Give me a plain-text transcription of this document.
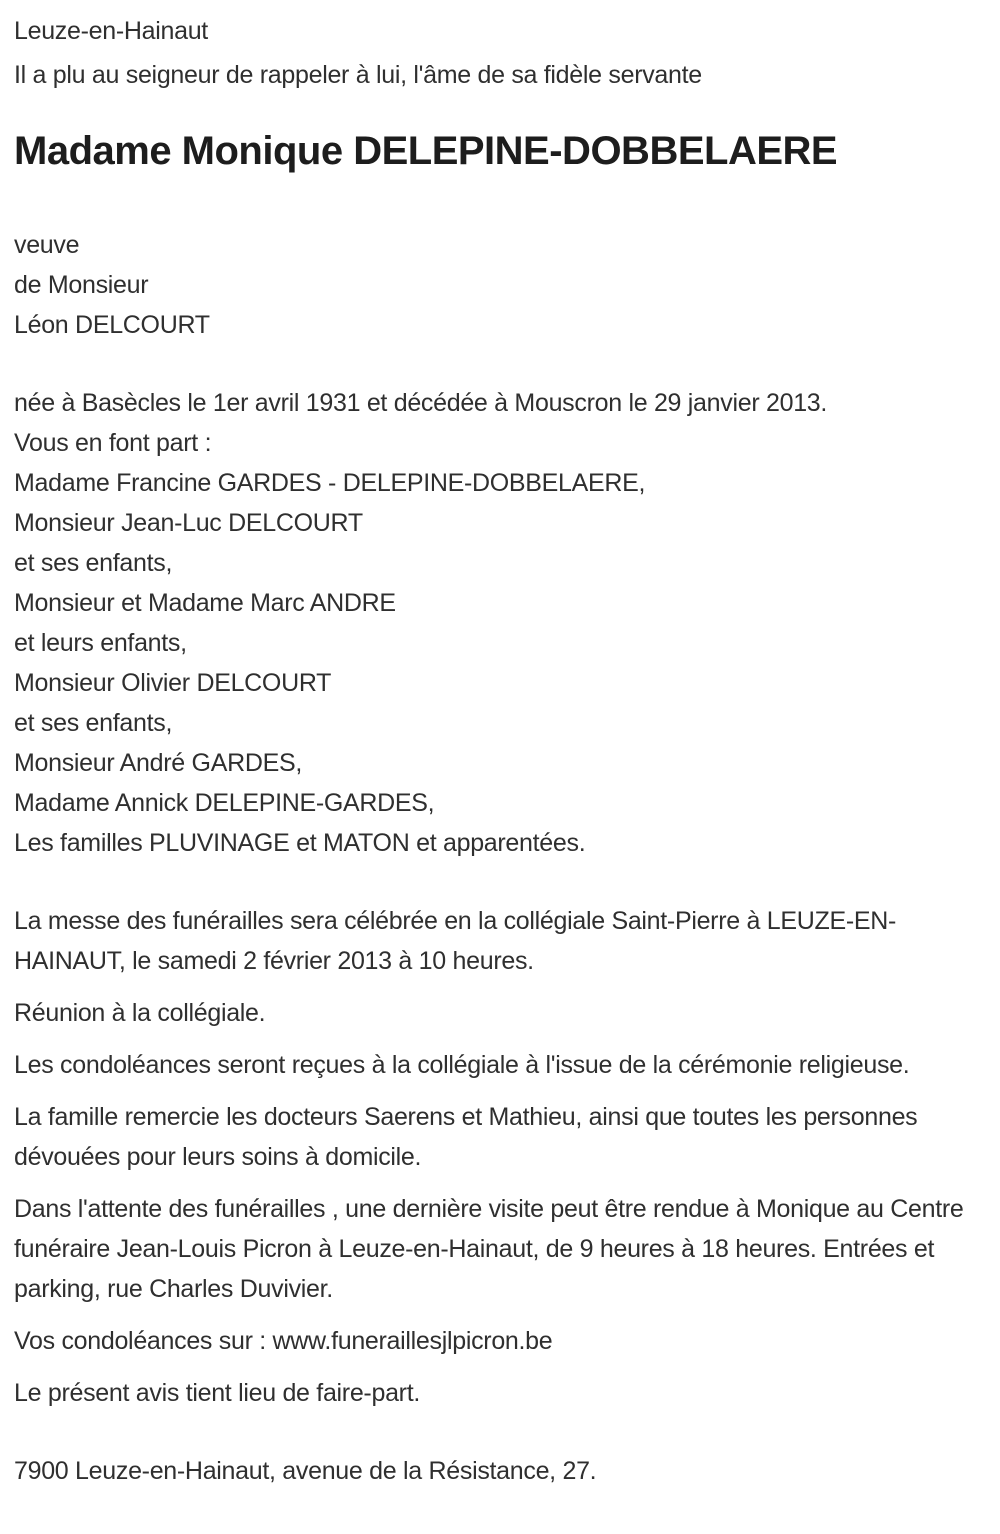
Leuze-en-Hainaut

Il a plu au seigneur de rappeler à lui, l'âme de sa fidèle servante

Madame Monique DELEPINE-DOBBELAERE
veuve
de Monsieur
Léon DELCOURT
née à Basècles le 1er avril 1931 et décédée à Mouscron le 29 janvier 2013.
Vous en font part :
Madame Francine GARDES - DELEPINE-DOBBELAERE,
Monsieur Jean-Luc DELCOURT
et ses enfants,
Monsieur et Madame Marc ANDRE
et leurs enfants,
Monsieur Olivier DELCOURT
et ses enfants,
Monsieur André GARDES,
Madame Annick DELEPINE-GARDES,
Les familles PLUVINAGE et MATON et apparentées.

La messe des funérailles sera célébrée en la collégiale Saint-Pierre à LEUZE-EN-HAINAUT, le samedi 2 février 2013 à 10 heures.

Réunion à la collégiale.

Les condoléances seront reçues à la collégiale à l'issue de la cérémonie religieuse.

La famille remercie les docteurs Saerens et Mathieu, ainsi que toutes les personnes dévouées pour leurs soins à domicile.

Dans l'attente des funérailles , une dernière visite peut être rendue à Monique au Centre funéraire Jean-Louis Picron à Leuze-en-Hainaut, de 9 heures à 18 heures. Entrées et parking, rue Charles Duvivier.

Vos condoléances sur : www.funeraillesjlpicron.be

Le présent avis tient lieu de faire-part.

7900 Leuze-en-Hainaut, avenue de la Résistance, 27.
